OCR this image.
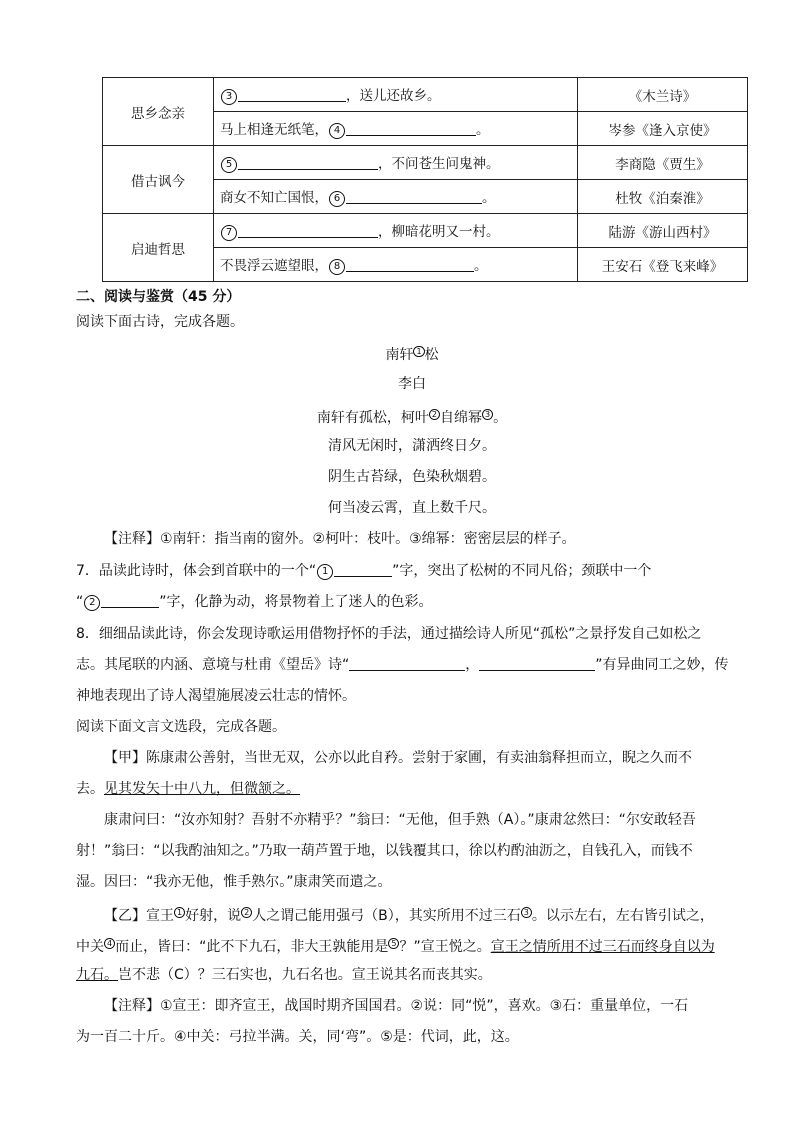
思乡念亲	3 ，送儿还故乡。	《木兰诗》
	马上相逢无纸笔， 4 。	岑参《逢入京使》
借古讽今	5 ，不问苍生问鬼神。	李商隐《贾生》
	商女不知亡国恨， 6 。	杜牧《泊秦淮》
启迪哲思	7 ，柳暗花明又一村。	陆游《游山西村》
	不畏浮云遮望眼， 8 。	王安石《登飞来峰》
二、阅读与鉴赏（45 分）
阅读下面古诗，完成各题。
南轩 $^1$ 松
李白
南轩有孤松，柯叶 $^2$ 自绵幂 $^3$ 。
清风无闲时，潇洒终日夕。
阴生古苔绿，色染秋烟碧。
何当凌云霄，直上数千尺。
【注释】①南轩：指当南的窗外。②柯叶：枝叶。③绵幂：密密层层的样子。
7．品读此诗时，体会到首联中的一个“ 1	”字，突出了松树的不同凡俗；颈联中一个
“ 2	”字，化静为动，将景物着上了迷人的色彩。
8．细细品读此诗，你会发现诗歌运用借物抒怀的手法，通过描绘诗人所见“孤松”之景抒发自己如松之
志。其尾联的内涵、意境与杜甫《望岳》诗“	，	”有异曲同工之妙，传
神地表现出了诗人渴望施展凌云壮志的情怀。
阅读下面文言文选段，完成各题。
【甲】陈康肃公善射，当世无双，公亦以此自矜。尝射于家圃，有卖油翁释担而立，睨之久而不
去。见其发矢十中八九，但微颔之。
康肃问曰：“汝亦知射？吾射不亦精乎？”翁曰：“无他，但手熟（A）。”康肃忿然曰：“尔安敢轻吾
射！”翁曰：“以我酌油知之。”乃取一葫芦置于地，以钱覆其口，徐以杓酌油沥之，自钱孔入，而钱不
湿。因曰：“我亦无他，惟手熟尔。”康肃笑而遣之。
【乙】宣王 $^1$ 好射，说 $^2$ 人之谓己能用强弓（B），其实所用不过三石 $^3$ 。以示左右，左右皆引试之，
中关 $^4$ 而止，皆曰：“此不下九石，非大王孰能用是 $^5$ ？”宣王悦之。宣王之情所用不过三石而终身自以为
九石。岂不悲（C）？三石实也，九石名也。宣王说其名而丧其实。
【注释】①宣王：即齐宣王，战国时期齐国国君。②说：同“悦”，喜欢。③石：重量单位，一石
为一百二十斤。④中关：弓拉半满。关，同‘弯”。⑤是：代词，此，这。
